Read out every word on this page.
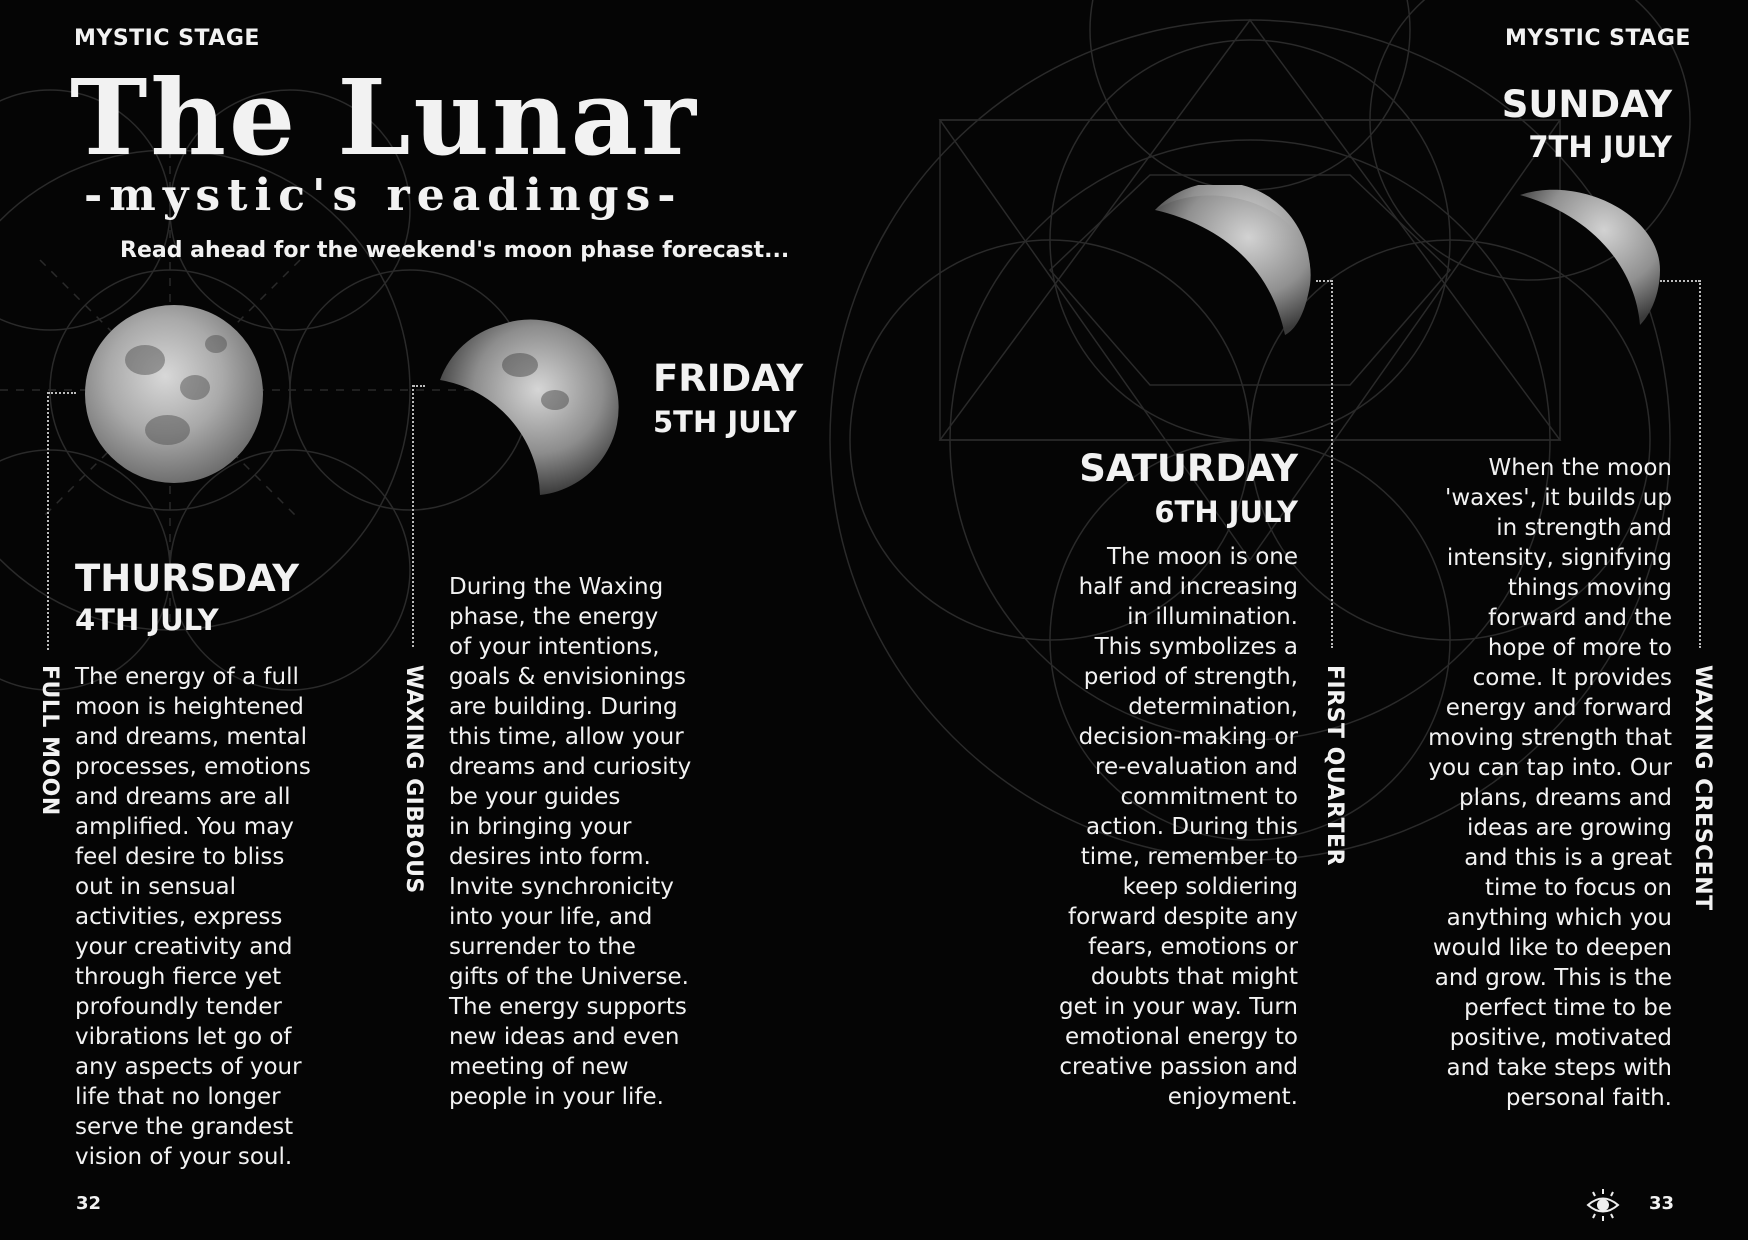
MYSTIC STAGE	MYSTIC STAGE
The Lunar
-mystic's readings-
Read ahead for the weekend's moon phase forecast...
FULL MOON
THURSDAY
4TH JULY
The energy of a full
moon is heightened
and dreams, mental
processes, emotions
and dreams are all
amplified. You may
feel desire to bliss
out in sensual
activities, express
your creativity and
through fierce yet
profoundly tender
vibrations let go of
any aspects of your
life that no longer
serve the grandest
vision of your soul.
WAXING GIBBOUS
FRIDAY
5TH JULY
During the Waxing
phase, the energy
of your intentions,
goals & envisionings
are building. During
this time, allow your
dreams and curiosity
be your guides
in bringing your
desires into form.
Invite synchronicity
into your life, and
surrender to the
gifts of the Universe.
The energy supports
new ideas and even
meeting of new
people in your life.
FIRST QUARTER
SATURDAY
6TH JULY
The moon is one
half and increasing
in illumination.
This symbolizes a
period of strength,
determination,
decision-making or
re-evaluation and
commitment to
action. During this
time, remember to
keep soldiering
forward despite any
fears, emotions or
doubts that might
get in your way. Turn
emotional energy to
creative passion and
enjoyment.
WAXING CRESCENT
SUNDAY
7TH JULY
When the moon
'waxes', it builds up
in strength and
intensity, signifying
things moving
forward and the
hope of more to
come. It provides
energy and forward
moving strength that
you can tap into. Our
plans, dreams and
ideas are growing
and this is a great
time to focus on
anything which you
would like to deepen
and grow. This is the
perfect time to be
positive, motivated
and take steps with
personal faith.
32	33
